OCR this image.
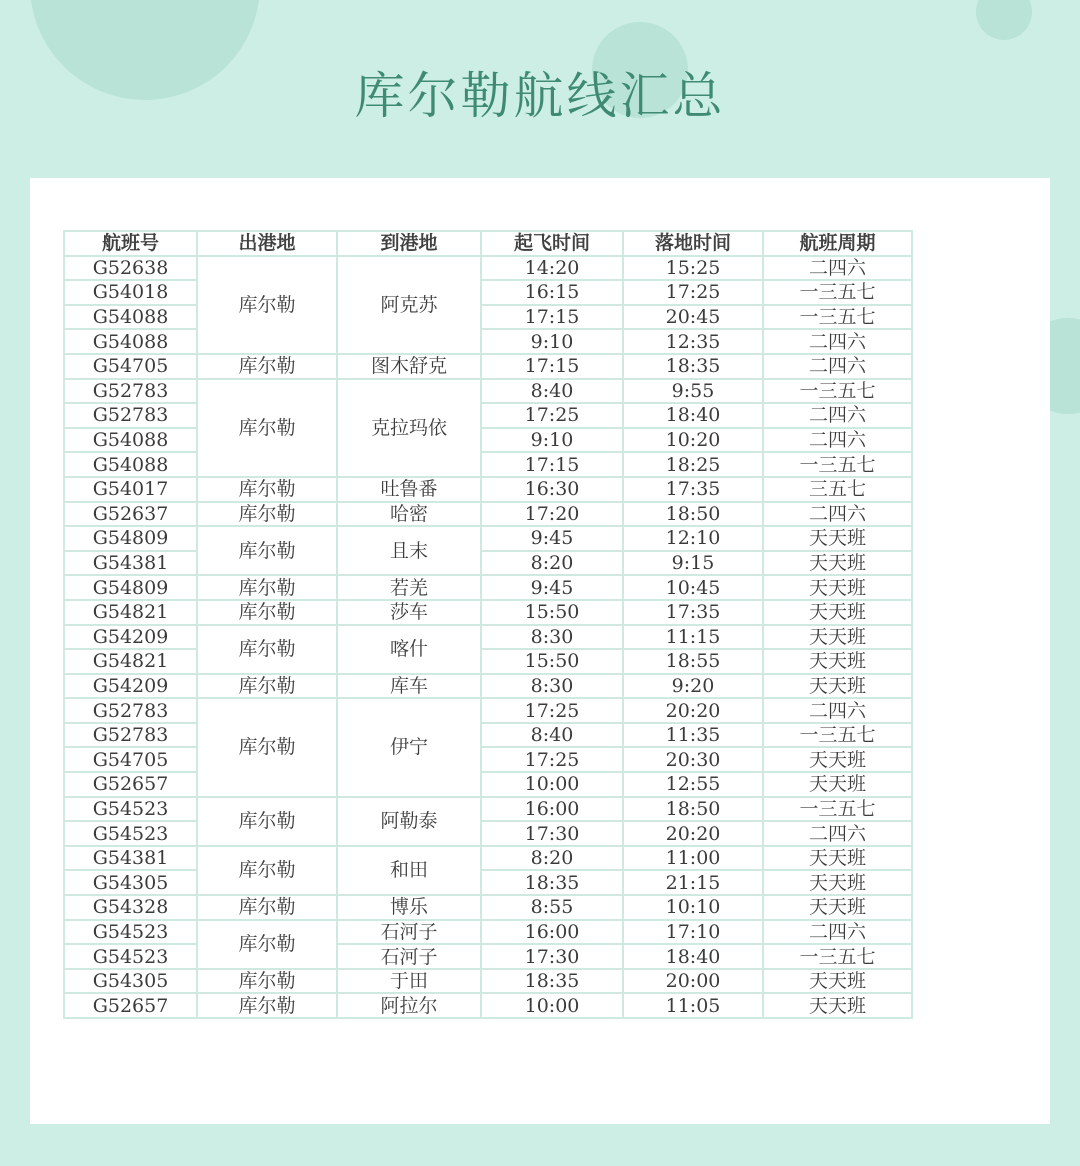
库尔勒航线汇总
航班号	出港地	到港地	起飞时间	落地时间	航班周期
G52638	库尔勒	阿克苏	14:20	15:25	二四六
G54018			16:15	17:25	一三五七
G54088			17:15	20:45	一三五七
G54088			9:10	12:35	二四六
G54705	库尔勒	图木舒克	17:15	18:35	二四六
G52783	库尔勒	克拉玛依	8:40	9:55	一三五七
G52783			17:25	18:40	二四六
G54088			9:10	10:20	二四六
G54088			17:15	18:25	一三五七
G54017	库尔勒	吐鲁番	16:30	17:35	三五七
G52637	库尔勒	哈密	17:20	18:50	二四六
G54809	库尔勒	且末	9:45	12:10	天天班
G54381			8:20	9:15	天天班
G54809	库尔勒	若羌	9:45	10:45	天天班
G54821	库尔勒	莎车	15:50	17:35	天天班
G54209	库尔勒	喀什	8:30	11:15	天天班
G54821			15:50	18:55	天天班
G54209	库尔勒	库车	8:30	9:20	天天班
G52783	库尔勒	伊宁	17:25	20:20	二四六
G52783			8:40	11:35	一三五七
G54705			17:25	20:30	天天班
G52657			10:00	12:55	天天班
G54523	库尔勒	阿勒泰	16:00	18:50	一三五七
G54523			17:30	20:20	二四六
G54381	库尔勒	和田	8:20	11:00	天天班
G54305			18:35	21:15	天天班
G54328	库尔勒	博乐	8:55	10:10	天天班
G54523	库尔勒	石河子	16:00	17:10	二四六
G54523		石河子	17:30	18:40	一三五七
G54305	库尔勒	于田	18:35	20:00	天天班
G52657	库尔勒	阿拉尔	10:00	11:05	天天班
